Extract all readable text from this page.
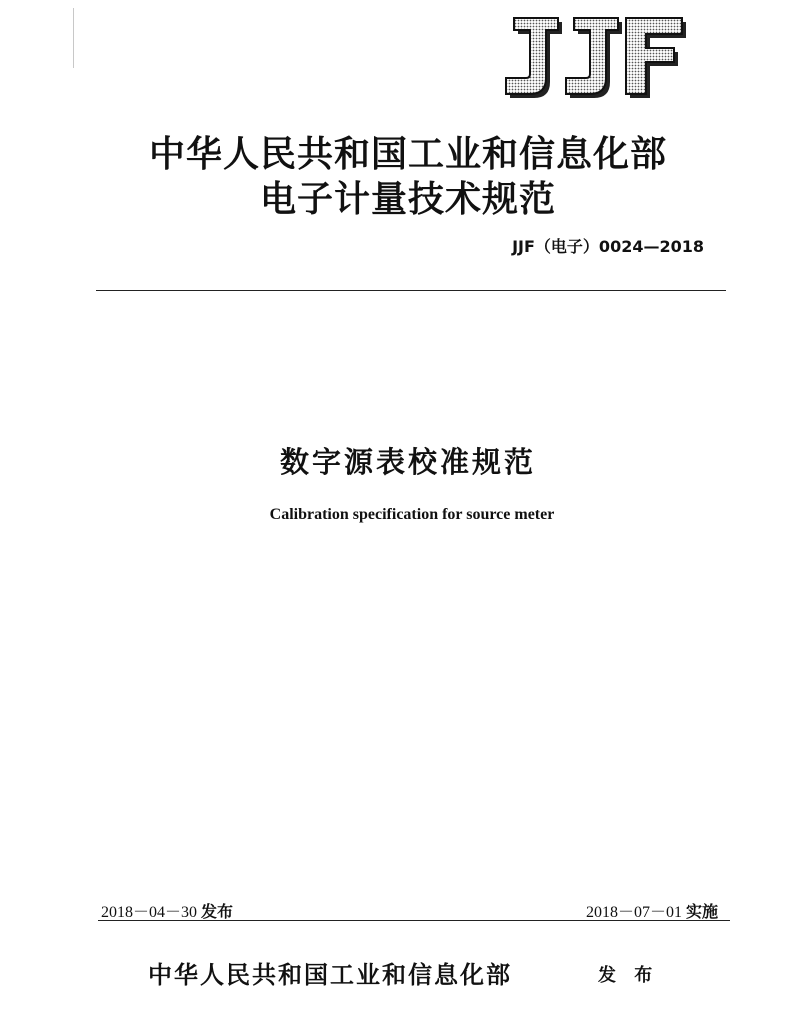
中华人民共和国工业和信息化部
电子计量技术规范
JJF（电子）0024—2018
数字源表校准规范
Calibration specification for source meter
2018－04－30 发布	2018－07－01 实施
中华人民共和国工业和信息化部	发 布
